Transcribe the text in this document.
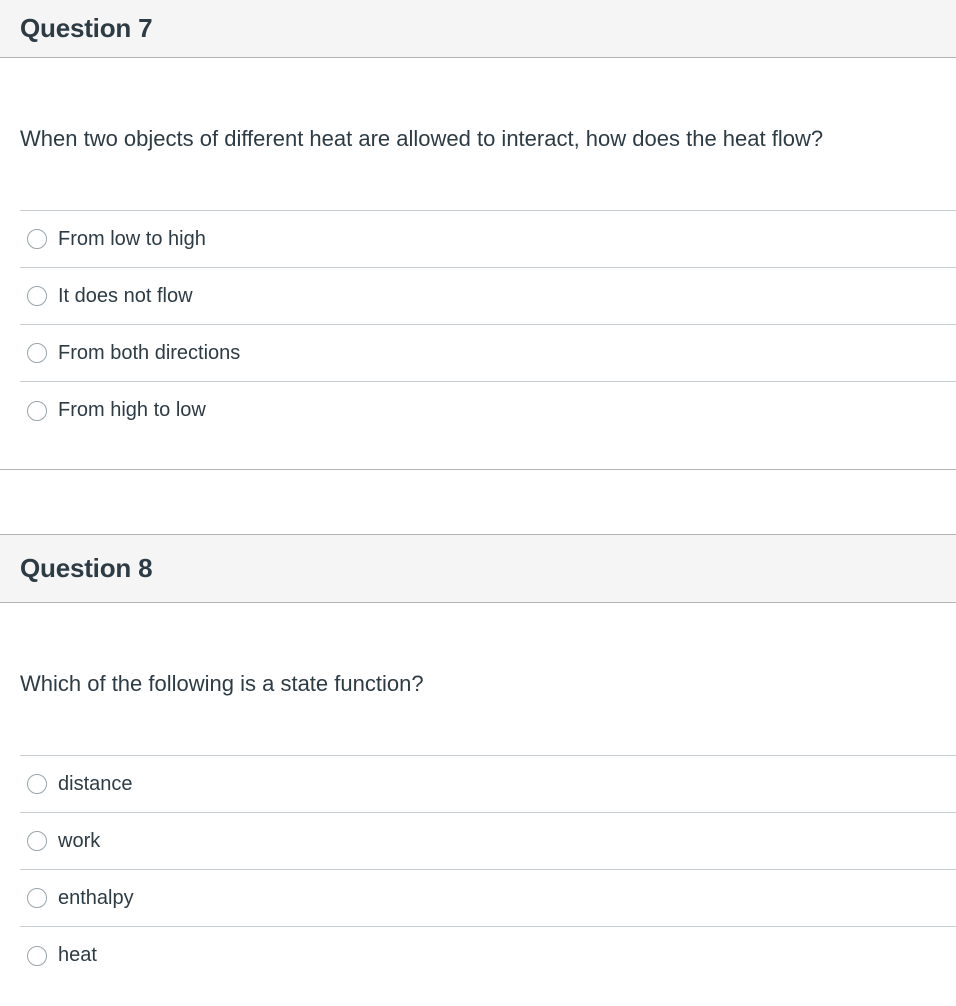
Question 7
When two objects of different heat are allowed to interact, how does the heat flow?
From low to high
It does not flow
From both directions
From high to low
Question 8
Which of the following is a state function?
distance
work
enthalpy
heat
